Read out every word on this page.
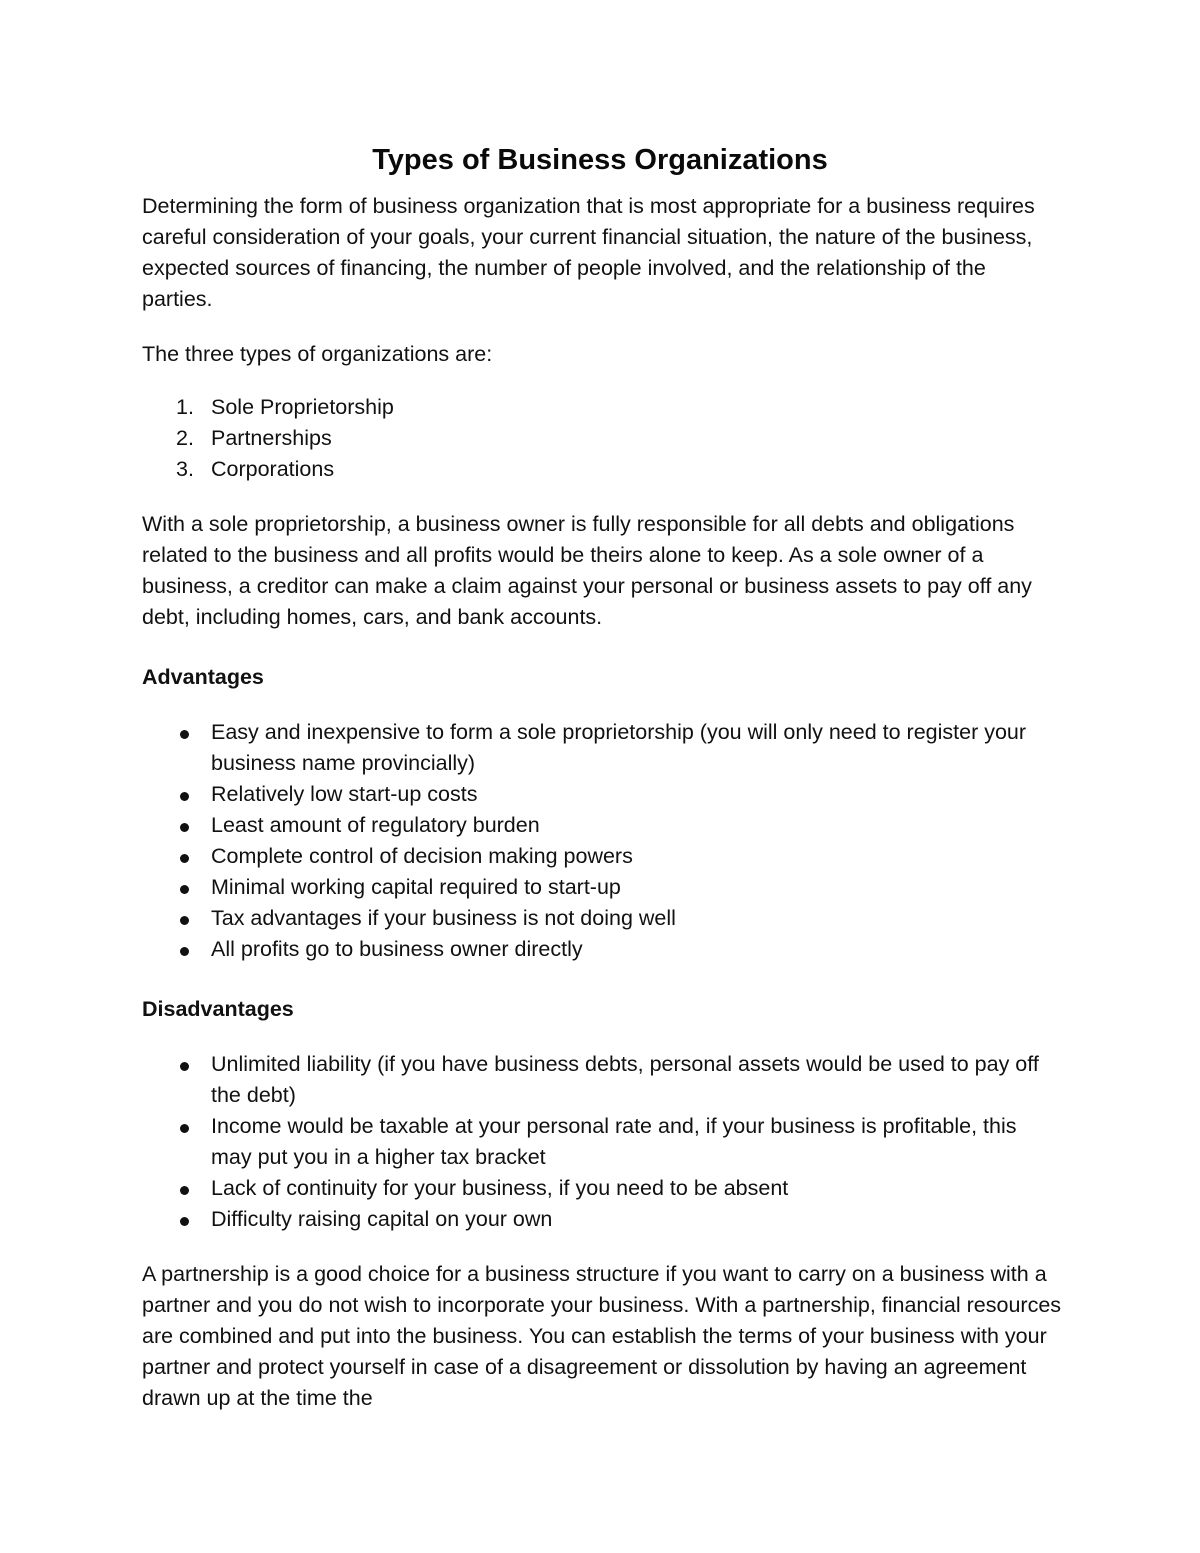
Types of Business Organizations

Determining the form of business organization that is most appropriate for a business requires careful consideration of your goals, your current financial situation, the nature of the business, expected sources of financing, the number of people involved, and the relationship of the parties.

The three types of organizations are:

1. Sole Proprietorship
2. Partnerships
3. Corporations

With a sole proprietorship, a business owner is fully responsible for all debts and obligations related to the business and all profits would be theirs alone to keep. As a sole owner of a business, a creditor can make a claim against your personal or business assets to pay off any debt, including homes, cars, and bank accounts.

Advantages
Easy and inexpensive to form a sole proprietorship (you will only need to register your business name provincially)
Relatively low start-up costs
Least amount of regulatory burden
Complete control of decision making powers
Minimal working capital required to start-up
Tax advantages if your business is not doing well
All profits go to business owner directly
Disadvantages
Unlimited liability (if you have business debts, personal assets would be used to pay off the debt)
Income would be taxable at your personal rate and, if your business is profitable, this may put you in a higher tax bracket
Lack of continuity for your business, if you need to be absent
Difficulty raising capital on your own

A partnership is a good choice for a business structure if you want to carry on a business with a partner and you do not wish to incorporate your business. With a partnership, financial resources are combined and put into the business. You can establish the terms of your business with your partner and protect yourself in case of a disagreement or dissolution by having an agreement drawn up at the time the
